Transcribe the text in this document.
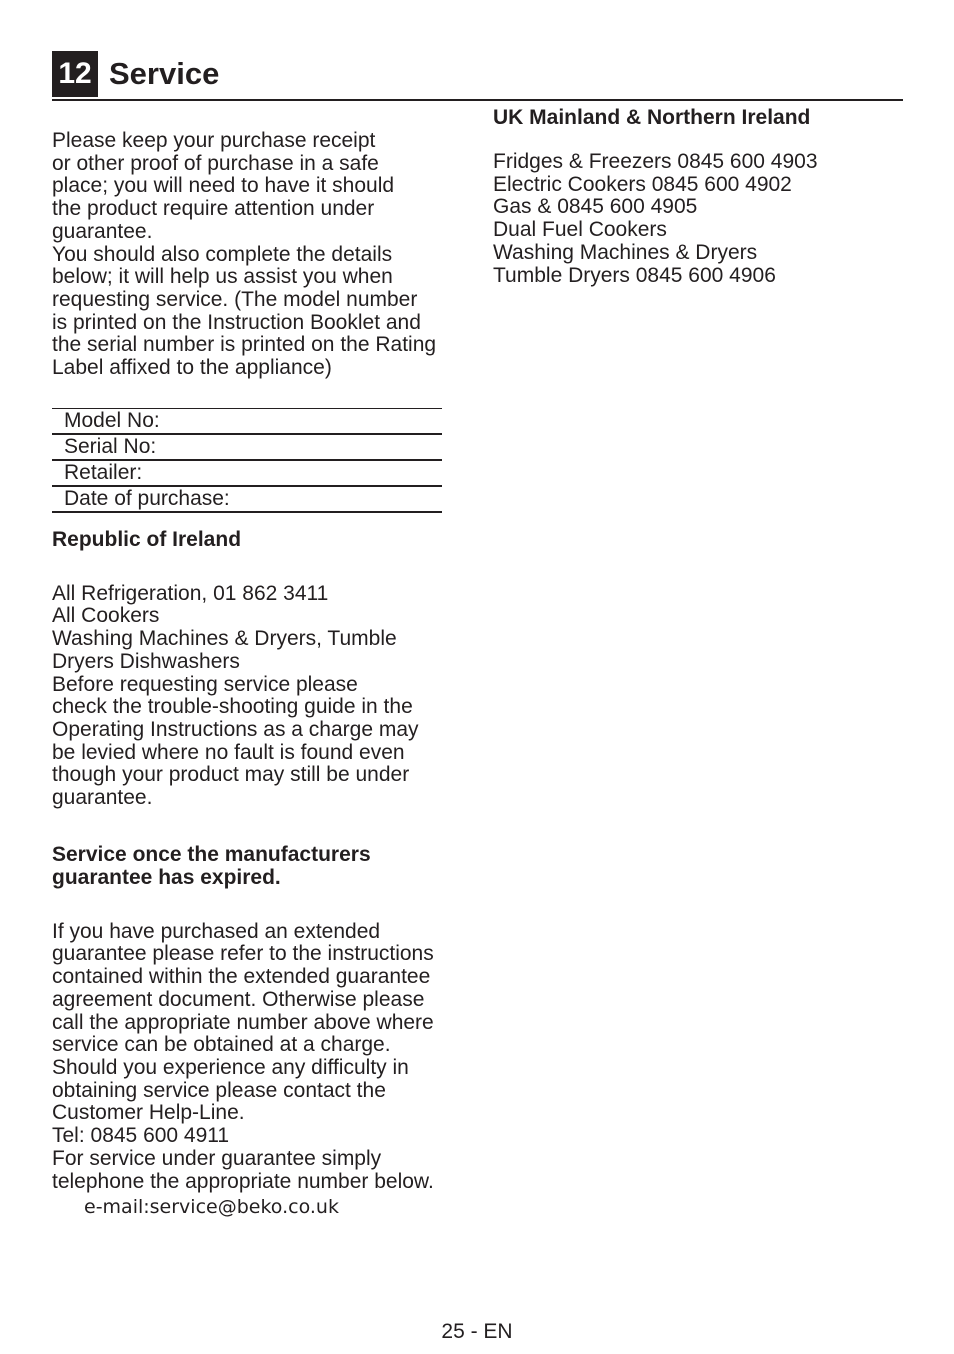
12 Service
Please keep your purchase receipt
or other proof of purchase in a safe
place; you will need to have it should
the product require attention under
guarantee.
You should also complete the details
below; it will help us assist you when
requesting service. (The model number
is printed on the Instruction Booklet and
the serial number is printed on the Rating
Label affixed to the appliance)
Model No:
Serial No:
Retailer:
Date of purchase:
Republic of Ireland
All Refrigeration, 01 862 3411
All Cookers
Washing Machines & Dryers, Tumble
Dryers Dishwashers
Before requesting service please
check the trouble-shooting guide in the
Operating Instructions as a charge may
be levied where no fault is found even
though your product may still be under
guarantee.
Service once the manufacturers
guarantee has expired.
If you have purchased an extended
guarantee please refer to the instructions
contained within the extended guarantee
agreement document. Otherwise please
call the appropriate number above where
service can be obtained at a charge.
Should you experience any difficulty in
obtaining service please contact the
Customer Help-Line.
Tel: 0845 600 4911
For service under guarantee simply
telephone the appropriate number below.
e-mail:service@beko.co.uk
UK Mainland & Northern Ireland
Fridges & Freezers 0845 600 4903
Electric Cookers 0845 600 4902
Gas & 0845 600 4905
Dual Fuel Cookers
Washing Machines & Dryers
Tumble Dryers 0845 600 4906
25 - EN
